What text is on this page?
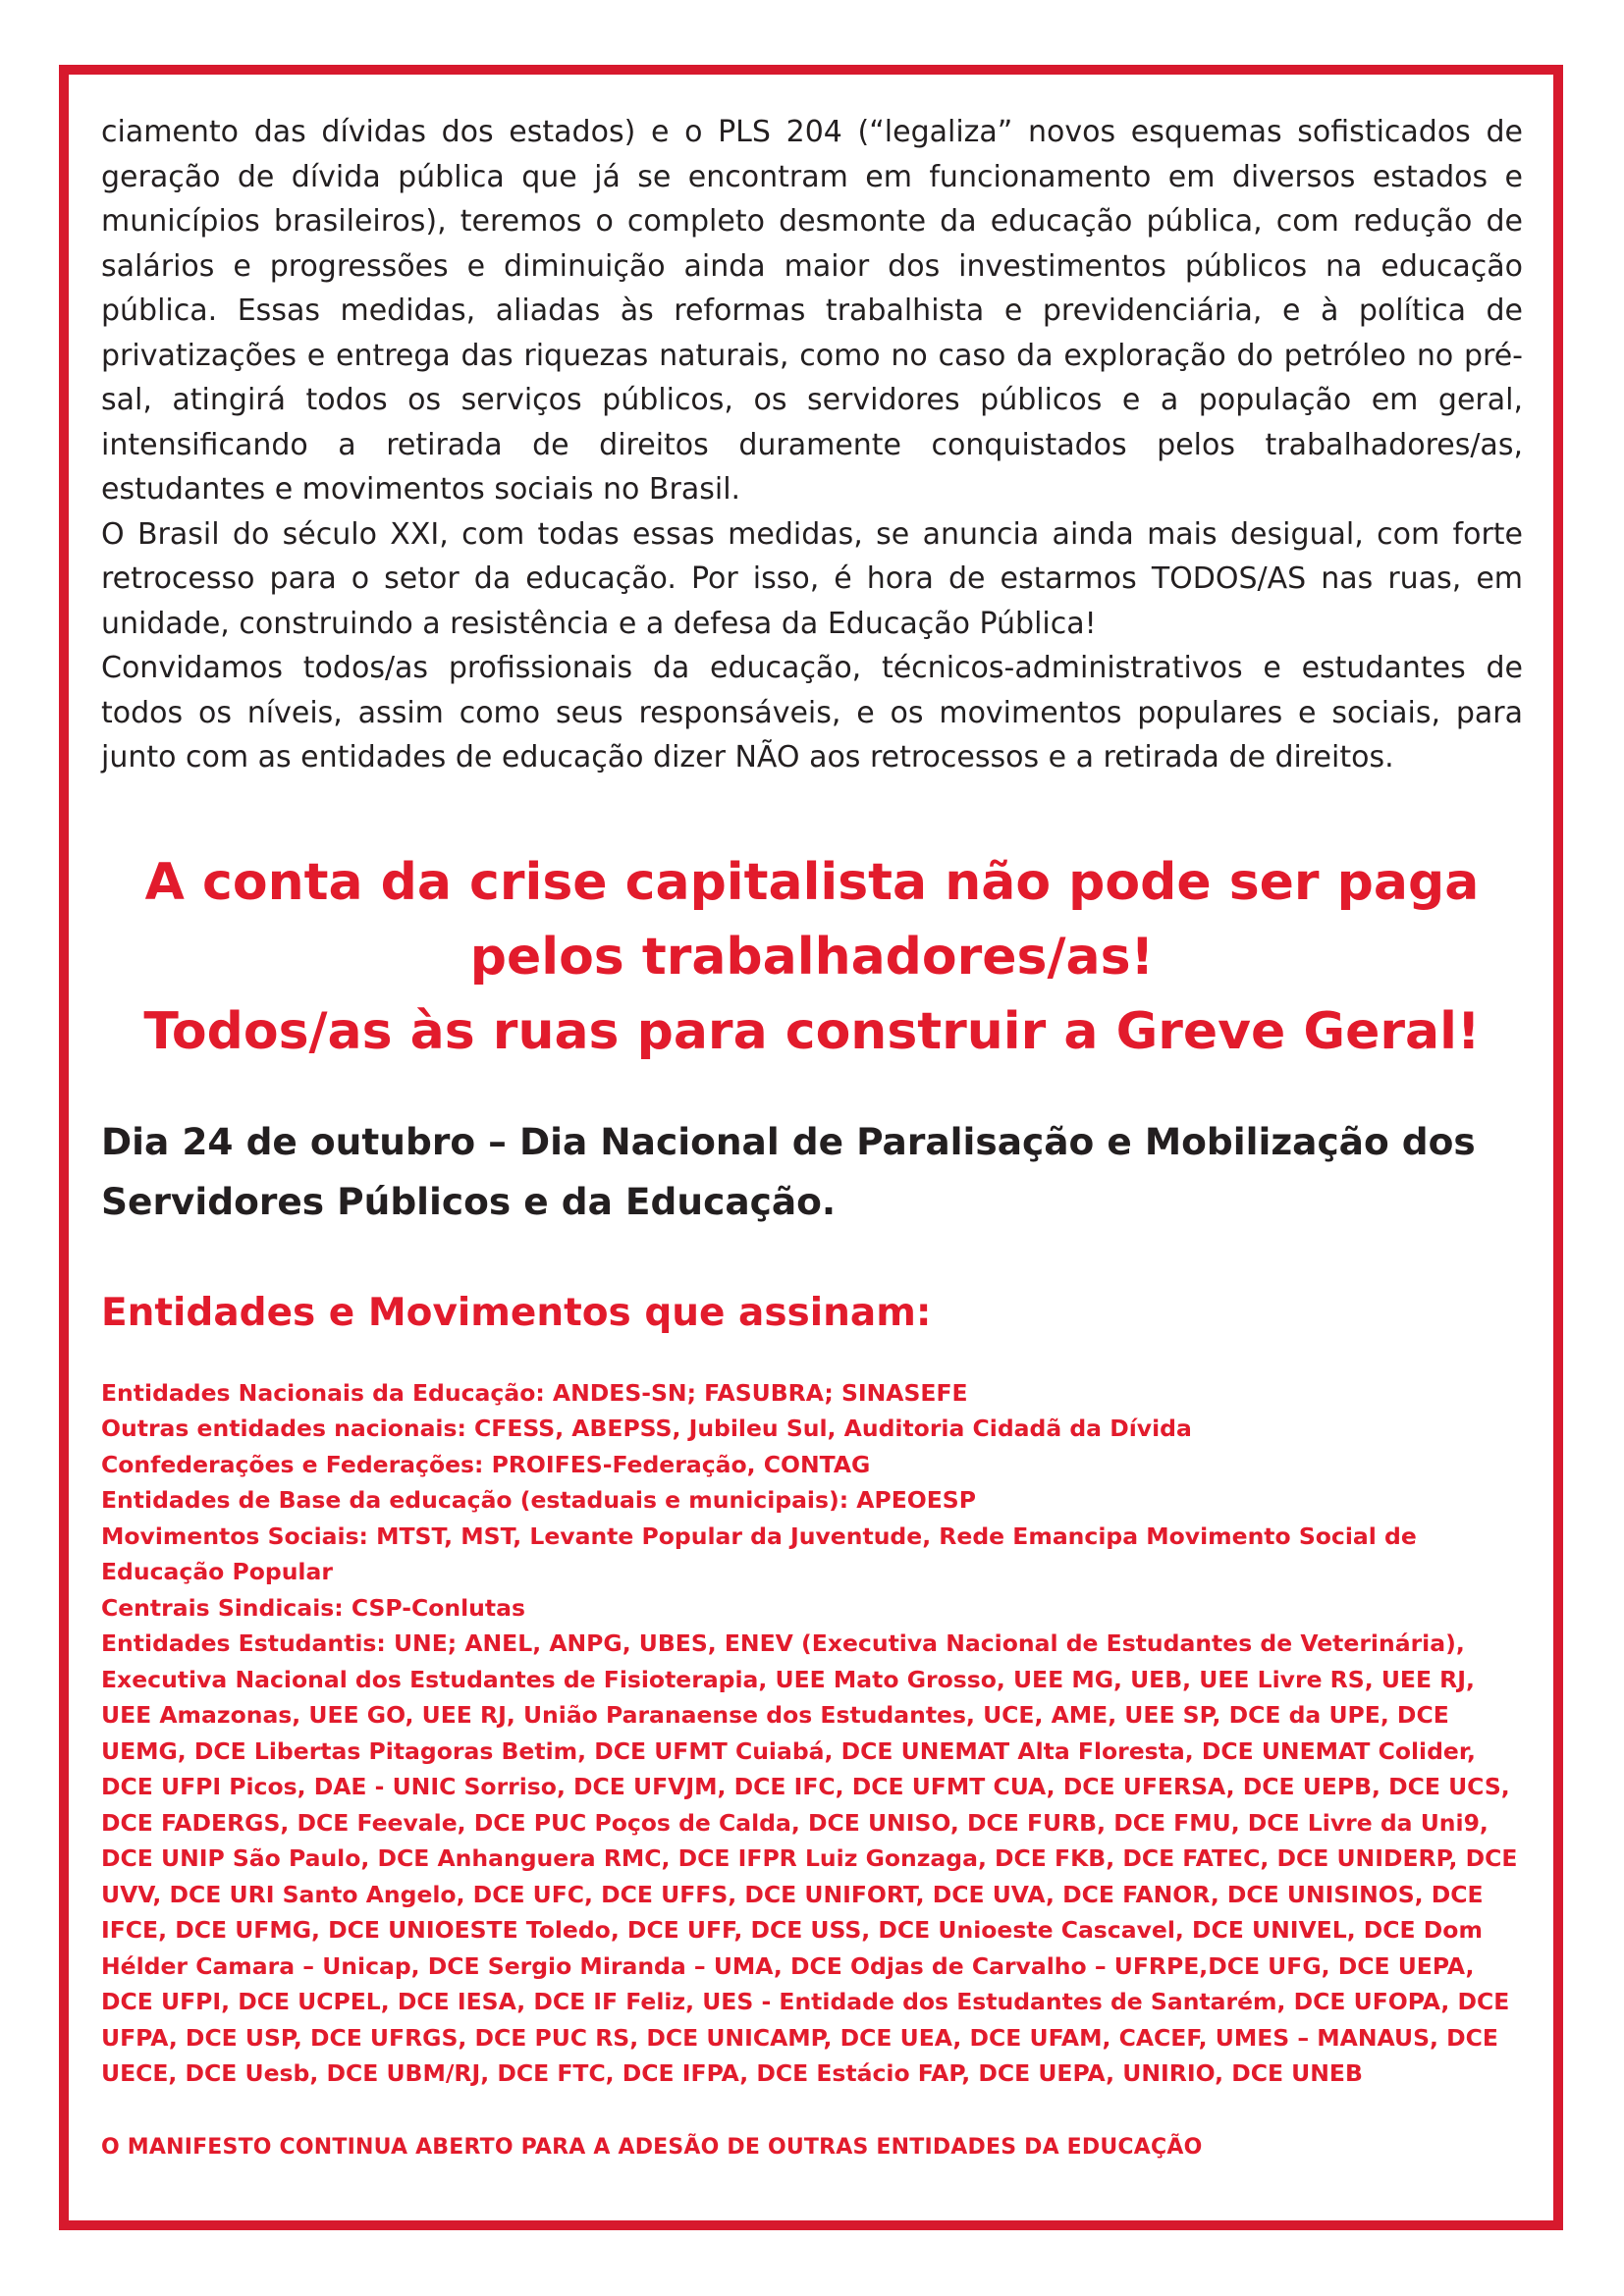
ciamento das dívidas dos estados) e o PLS 204 (“legaliza” novos esquemas sofisticados de geração de dívida pública que já se encontram em funcionamento em diversos estados e municípios brasileiros), teremos o completo desmonte da educação pública, com redução de salários e progressões e diminuição ainda maior dos investimentos públicos na educação pública. Essas medidas, aliadas às reformas trabalhista e previdenciária, e à política de privatizações e entrega das riquezas naturais, como no caso da exploração do petróleo no pré-sal, atingirá todos os serviços públicos, os servidores públicos e a população em geral, intensificando a retirada de direitos duramente conquistados pelos trabalhadores/as, estudantes e movimentos sociais no Brasil.

O Brasil do século XXI, com todas essas medidas, se anuncia ainda mais desigual, com forte retrocesso para o setor da educação. Por isso, é hora de estarmos TODOS/AS nas ruas, em unidade, construindo a resistência e a defesa da Educação Pública!

Convidamos todos/as profissionais da educação, técnicos-administrativos e estudantes de todos os níveis, assim como seus responsáveis, e os movimentos populares e sociais, para junto com as entidades de educação dizer NÃO aos retrocessos e a retirada de direitos.

A conta da crise capitalista não pode ser paga
pelos trabalhadores/as!
Todos/as às ruas para construir a Greve Geral!
Dia 24 de outubro – Dia Nacional de Paralisação e Mobilização dos Servidores Públicos e da Educação.
Entidades e Movimentos que assinam:

Entidades Nacionais da Educação: ANDES-SN; FASUBRA; SINASEFE

Outras entidades nacionais: CFESS, ABEPSS, Jubileu Sul, Auditoria Cidadã da Dívida

Confederações e Federações: PROIFES-Federação, CONTAG

Entidades de Base da educação (estaduais e municipais): APEOESP

Movimentos Sociais: MTST, MST, Levante Popular da Juventude, Rede Emancipa Movimento Social de Educação Popular

Centrais Sindicais: CSP-Conlutas

Entidades Estudantis: UNE; ANEL, ANPG, UBES, ENEV (Executiva Nacional de Estudantes de Veterinária), Executiva Nacional dos Estudantes de Fisioterapia, UEE Mato Grosso, UEE MG, UEB, UEE Livre RS, UEE RJ, UEE Amazonas, UEE GO, UEE RJ, União Paranaense dos Estudantes, UCE, AME, UEE SP, DCE da UPE, DCE UEMG, DCE Libertas Pitagoras Betim, DCE UFMT Cuiabá, DCE UNEMAT Alta Floresta, DCE UNEMAT Colider, DCE UFPI Picos, DAE - UNIC Sorriso, DCE UFVJM, DCE IFC, DCE UFMT CUA, DCE UFERSA, DCE UEPB, DCE UCS, DCE FADERGS, DCE Feevale, DCE PUC Poços de Calda, DCE UNISO, DCE FURB, DCE FMU, DCE Livre da Uni9, DCE UNIP São Paulo, DCE Anhanguera RMC, DCE IFPR Luiz Gonzaga, DCE FKB, DCE FATEC, DCE UNIDERP, DCE UVV, DCE URI Santo Angelo, DCE UFC, DCE UFFS, DCE UNIFORT, DCE UVA, DCE FANOR, DCE UNISINOS, DCE IFCE, DCE UFMG, DCE UNIOESTE Toledo, DCE UFF, DCE USS, DCE Unioeste Cascavel, DCE UNIVEL, DCE Dom Hélder Camara – Unicap, DCE Sergio Miranda – UMA, DCE Odjas de Carvalho – UFRPE,DCE UFG, DCE UEPA, DCE UFPI, DCE UCPEL, DCE IESA, DCE IF Feliz, UES - Entidade dos Estudantes de Santarém, DCE UFOPA, DCE UFPA, DCE USP, DCE UFRGS, DCE PUC RS, DCE UNICAMP, DCE UEA, DCE UFAM, CACEF, UMES – MANAUS, DCE UECE, DCE Uesb, DCE UBM/RJ, DCE FTC, DCE IFPA, DCE Estácio FAP, DCE UEPA, UNIRIO, DCE UNEB

O MANIFESTO CONTINUA ABERTO PARA A ADESÃO DE OUTRAS ENTIDADES DA EDUCAÇÃO
